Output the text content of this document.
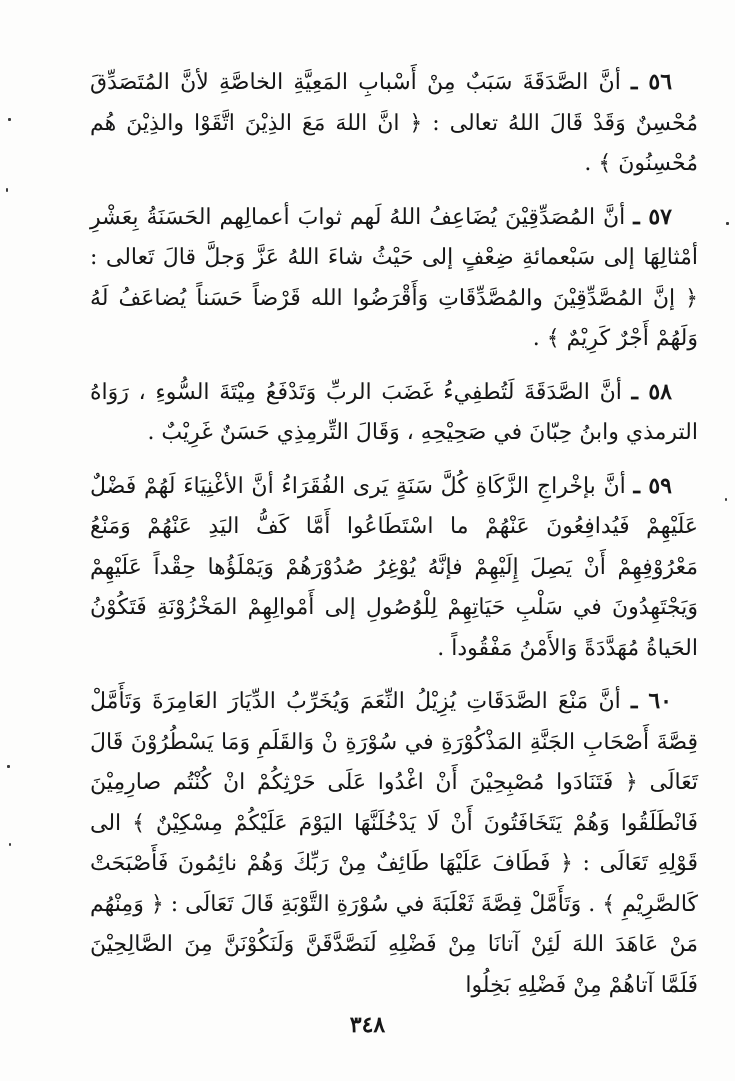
٥٦ ـ أنَّ الصَّدَقَةَ سَبَبٌ مِنْ أَسْبابِ المَعِيَّةِ الخاصَّةِ لأنَّ المُتَصَدِّقَ مُحْسِنٌ وَقَدْ قَالَ اللهُ تعالى : ﴿ انَّ اللهَ مَعَ الذِيْنَ اتَّقَوْا والذِيْنَ هُم مُحْسِنُونَ ﴾ .

٥٧ ـ أنَّ المُصَدِّقِيْنَ يُضَاعِفُ اللهُ لَهم ثوابَ أعمالِهم الحَسَنَةُ بِعَشْرِ أمْثالِهَا إلى سَبْعمائةِ ضِعْفٍ إلى حَيْثُ شاءَ اللهُ عَزَّ وَجلَّ قالَ تَعالى : ﴿ إنَّ المُصَّدِّقِيْنَ والمُصَّدِّقَاتِ وَأَقْرَضُوا الله قَرْضاً حَسَناً يُضاعَفُ لَهُ وَلَهُمْ أَجْرٌ كَرِيْمٌ ﴾ .

٥٨ ـ أنَّ الصَّدَقَةَ لَتُطفِيءُ غَضَبَ الربِّ وَتَدْفَعُ مِيْتَةَ السُّوءِ ، رَوَاهُ الترمذي وابنُ حِبّانَ في صَحِيْحِهِ ، وَقَالَ التِّرمِذِي حَسَنٌ غَرِيْبٌ .

٥٩ ـ أنَّ بإخْراجِ الزَّكَاةِ كُلَّ سَنَةٍ يَرى الفُقَرَاءُ أنَّ الأغْنِيَاءَ لَهُمْ فَضْلٌ عَلَيْهِمْ فَيُدافِعُونَ عَنْهُمْ ما اسْتَطَاعُوا أَمَّا كَفُّ اليَدِ عَنْهُمْ وَمَنْعُ مَعْرُوْفِهِمْ أَنْ يَصِلَ إِلَيْهِمْ فإنَّهُ يُوْغِرُ صُدُوْرَهُمْ وَيَمْلَؤُها حِقْداً عَلَيْهِمْ وَيَجْتَهِدُونَ في سَلْبِ حَيَاتِهِمْ لِلْوُصُولِ إلى أَمْوالِهِمْ المَخْزُوْنَةِ فَتَكُوْنُ الحَياةُ مُهَدَّدَةً وَالأَمْنُ مَفْقُوداً .

٦٠ ـ أنَّ مَنْعَ الصَّدَقَاتِ يُزِيْلُ النِّعَمَ وَيُخَرِّبُ الدِّيَارَ العَامِرَةَ وَتَأَمَّلْ قِصَّةَ أَصْحَابِ الجَنَّةِ المَذْكُوْرَةِ في سُوْرَةِ نْ وَالقَلَمِ وَمَا يَسْطُرُوْنَ قَالَ تَعَالَى ﴿ فَتَنَادَوا مُصْبِحِيْنَ أَنْ اغْدُوا عَلَى حَرْثِكُمْ انْ كُنْتُم صارِمِيْنَ فَانْطَلَقُوا وَهُمْ يَتَخَافَتُونَ أَنْ لَا يَدْخُلَنَّهَا اليَوْمَ عَلَيْكُمْ مِسْكِيْنٌ ﴾ الى قَوْلِهِ تَعَالَى : ﴿ فَطَافَ عَلَيْهَا طَائِفٌ مِنْ رَبِّكَ وَهُمْ نائِمُونَ فَأَصْبَحَتْ كَالصَّرِيْمِ ﴾ . وَتَأَمَّلْ قِصَّةَ ثَعْلَبَةَ في سُوْرَةِ التَّوْبَةِ قَالَ تَعَالَى : ﴿ وَمِنْهُم مَنْ عَاهَدَ اللهَ لَئِنْ آتانَا مِنْ فَضْلِهِ لَنَصَّدَّقَنَّ وَلَنَكُوْنَنَّ مِنَ الصَّالِحِيْنَ فَلَمَّا آتاهُمْ مِنْ فَضْلِهِ بَخِلُوا

٣٤٨
